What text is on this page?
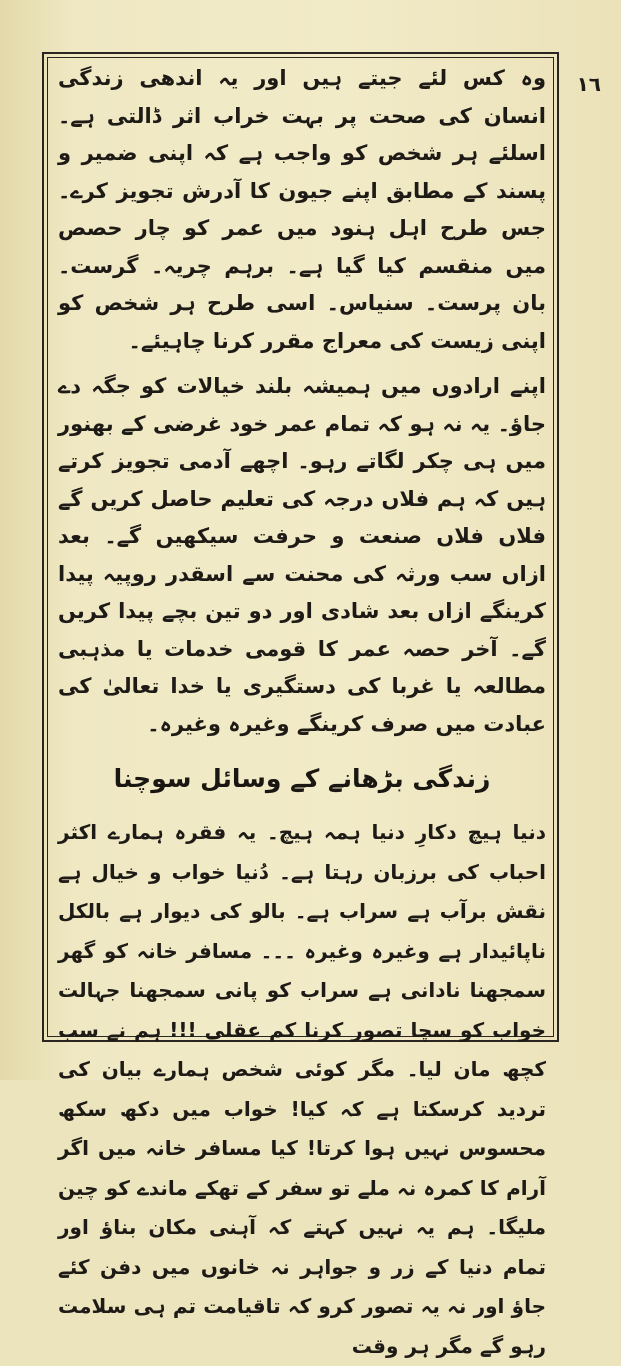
١٦

وہ کس لئے جیتے ہیں اور یہ اندھی زندگی انسان کی صحت پر بہت خراب اثر ڈالتی ہے۔ اسلئے ہر شخص کو واجب ہے کہ اپنی ضمیر و پسند کے مطابق اپنے جیون کا آدرش تجویز کرے۔ جس طرح اہل ہنود میں عمر کو چار حصص میں منقسم کیا گیا ہے۔ برہم چریہ۔ گرست۔ بان پرست۔ سنیاس۔ اسی طرح ہر شخص کو اپنی زیست کی معراج مقرر کرنا چاہیئے۔

اپنے ارادوں میں ہمیشہ بلند خیالات کو جگہ دے جاؤ۔ یہ نہ ہو کہ تمام عمر خود غرضی کے بھنور میں ہی چکر لگاتے رہو۔ اچھے آدمی تجویز کرتے ہیں کہ ہم فلاں درجہ کی تعلیم حاصل کریں گے فلاں فلاں صنعت و حرفت سیکھیں گے۔ بعد ازاں سب ورثہ کی محنت سے اسقدر روپیہ پیدا کرینگے ازاں بعد شادی اور دو تین بچے پیدا کریں گے۔ آخر حصہ عمر کا قومی خدمات یا مذہبی مطالعہ یا غربا کی دستگیری یا خدا تعالیٰ کی عبادت میں صرف کرینگے وغیرہ وغیرہ۔

زندگی بڑھانے کے وسائل سوچنا

دنیا ہیچ دکارِ دنیا ہمہ ہیچ۔ یہ فقرہ ہمارے اکثر احباب کی برزبان رہتا ہے۔ دُنیا خواب و خیال ہے نقش برآب ہے سراب ہے۔ بالو کی دیوار ہے بالکل ناپائیدار ہے وغیرہ وغیرہ ۔۔۔ مسافر خانہ کو گھر سمجھنا نادانی ہے سراب کو پانی سمجھنا جہالت خواب کو سچا تصور کرنا کم عقلی !!! ہم نے سب کچھ مان لیا۔ مگر کوئی شخص ہمارے بیان کی تردید کرسکتا ہے کہ کیا! خواب میں دکھ سکھ محسوس نہیں ہوا کرتا! کیا مسافر خانہ میں اگر آرام کا کمرہ نہ ملے تو سفر کے تھکے ماندے کو چین ملیگا۔ ہم یہ نہیں کہتے کہ آہنی مکان بناؤ اور تمام دنیا کے زر و جواہر نہ خانوں میں دفن کئے جاؤ اور نہ یہ تصور کرو کہ تاقیامت تم ہی سلامت رہو گے مگر ہر وقت
